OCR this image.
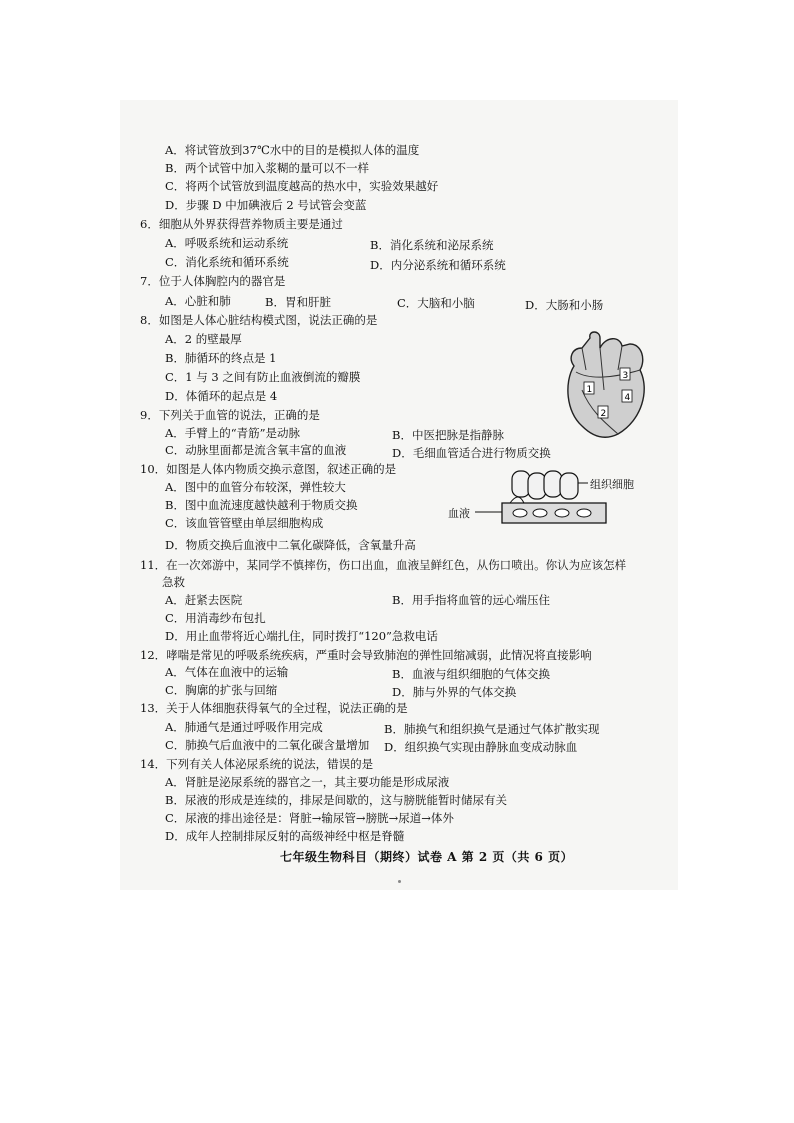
A．将试管放到37℃水中的目的是模拟人体的温度
B．两个试管中加入浆糊的量可以不一样
C．将两个试管放到温度越高的热水中，实验效果越好
D．步骤 D 中加碘液后 2 号试管会变蓝
6．细胞从外界获得营养物质主要是通过
A．呼吸系统和运动系统	B．消化系统和泌尿系统
C．消化系统和循环系统	D．内分泌系统和循环系统
7．位于人体胸腔内的器官是
A．心脏和肺	B．胃和肝脏	C．大脑和小脑	D．大肠和小肠
8．如图是人体心脏结构模式图，说法正确的是
A．2 的壁最厚
B．肺循环的终点是 1
C．1 与 3 之间有防止血液倒流的瓣膜
D．体循环的起点是 4	1
2
3
4
9．下列关于血管的说法，正确的是
A．手臂上的“青筋”是动脉	B．中医把脉是指静脉
C．动脉里面都是流含氧丰富的血液	D．毛细血管适合进行物质交换
10．如图是人体内物质交换示意图，叙述正确的是
A．图中的血管分布较深，弹性较大
B．图中血流速度越快越利于物质交换
C．该血管管壁由单层细胞构成
D．物质交换后血液中二氧化碳降低，含氧量升高
组织细胞
血液
11．在一次郊游中，某同学不慎摔伤，伤口出血，血液呈鲜红色，从伤口喷出。你认为应该怎样
急救
A．赶紧去医院	B．用手指将血管的远心端压住
C．用消毒纱布包扎
D．用止血带将近心端扎住，同时拨打“120”急救电话
12．哮喘是常见的呼吸系统疾病，严重时会导致肺泡的弹性回缩减弱，此情况将直接影响
A．气体在血液中的运输	B．血液与组织细胞的气体交换
C．胸廓的扩张与回缩	D．肺与外界的气体交换
13．关于人体细胞获得氧气的全过程，说法正确的是
A．肺通气是通过呼吸作用完成	B．肺换气和组织换气是通过气体扩散实现
C．肺换气后血液中的二氧化碳含量增加 D．组织换气实现由静脉血变成动脉血
14．下列有关人体泌尿系统的说法，错误的是
A．肾脏是泌尿系统的器官之一，其主要功能是形成尿液
B．尿液的形成是连续的，排尿是间歇的，这与膀胱能暂时储尿有关
C．尿液的排出途径是：肾脏→输尿管→膀胱→尿道→体外
D．成年人控制排尿反射的高级神经中枢是脊髓
七年级生物科目（期终）试卷 A 第 2 页（共 6 页）
